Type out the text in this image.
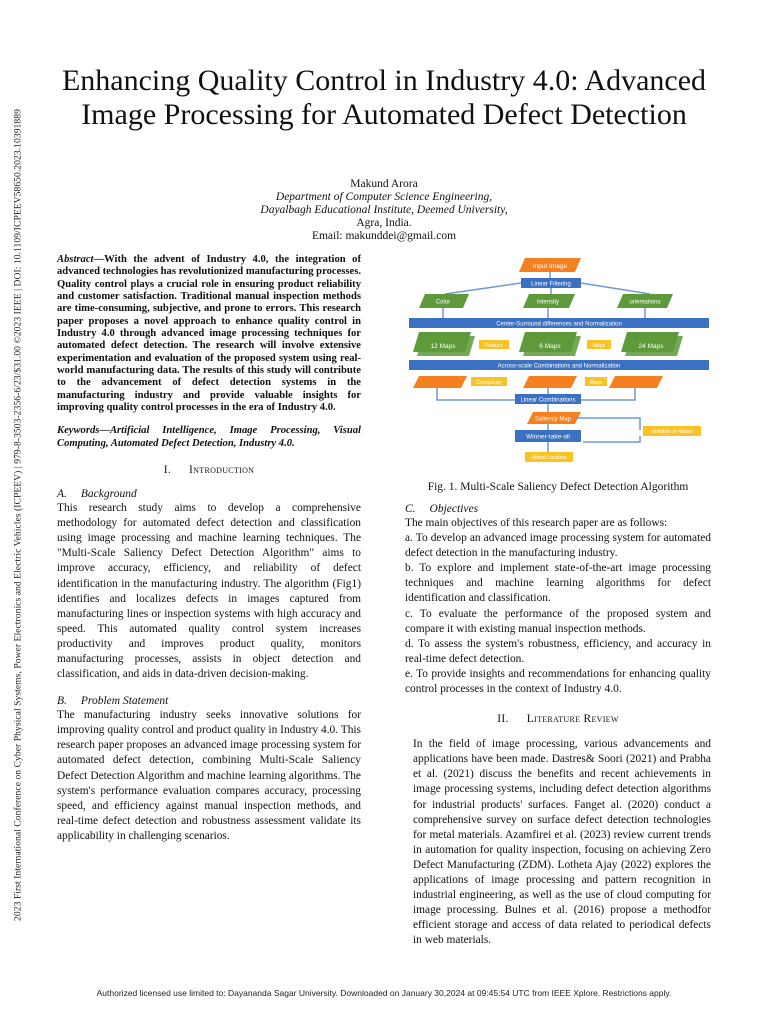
2023 First International Conference on Cyber Physical Systems, Power Electronics and Electric Vehicles (ICPEEV) | 979-8-3503-2356-6/23/$31.00 ©2023 IEEE | DOI: 10.1109/ICPEEV58650.2023.10391889
Enhancing Quality Control in Industry 4.0: Advanced Image Processing for Automated Defect Detection
Makund Arora
Department of Computer Science Engineering,
Dayalbagh Educational Institute, Deemed University,
Agra, India.
Email: makunddei@gmail.com

Abstract—With the advent of Industry 4.0, the integration of advanced technologies has revolutionized manufacturing processes. Quality control plays a crucial role in ensuring product reliability and customer satisfaction. Traditional manual inspection methods are time-consuming, subjective, and prone to errors. This research paper proposes a novel approach to enhance quality control in Industry 4.0 through advanced image processing techniques for automated defect detection. The research will involve extensive experimentation and evaluation of the proposed system using real-world manufacturing data. The results of this study will contribute to the advancement of defect detection systems in the manufacturing industry and provide valuable insights for improving quality control processes in the era of Industry 4.0.

Keywords—Artificial Intelligence, Image Processing, Visual Computing, Automated Defect Detection, Industry 4.0.

I. Introduction
A. Background

This research study aims to develop a comprehensive methodology for automated defect detection and classification using image processing and machine learning techniques. The "Multi-Scale Saliency Defect Detection Algorithm" aims to improve accuracy, efficiency, and reliability of defect identification in the manufacturing industry. The algorithm (Fig1) identifies and localizes defects in images captured from manufacturing lines or inspection systems with high accuracy and speed. This automated quality control system increases productivity and improves product quality, monitors manufacturing processes, assists in object detection and classification, and aids in data-driven decision-making.

B. Problem Statement

The manufacturing industry seeks innovative solutions for improving quality control and product quality in Industry 4.0. This research paper proposes an advanced image processing system for automated defect detection, combining Multi-Scale Saliency Defect Detection Algorithm and machine learning algorithms. The system's performance evaluation compares accuracy, processing speed, and efficiency against manual inspection methods, and real-time defect detection and robustness assessment validate its applicability in challenging scenarios.

Input Image
Linear Filtering
Color	intensity	orientations
Center-Surround differences and Normalization
12 Maps	Feature	6 Maps	Maps	24 Maps
Across-scale Combinations and Normalization
Conspicuity	Maps
Linear Combinations
Saliency Map
Inhibition of Return
Winner-take-all
Attend Location
Fig. 1. Multi-Scale Saliency Defect Detection Algorithm
C. Objectives

The main objectives of this research paper are as follows:

a. To develop an advanced image processing system for automated defect detection in the manufacturing industry.

b. To explore and implement state-of-the-art image processing techniques and machine learning algorithms for defect identification and classification.

c. To evaluate the performance of the proposed system and compare it with existing manual inspection methods.

d. To assess the system's robustness, efficiency, and accuracy in real-time defect detection.

e. To provide insights and recommendations for enhancing quality control processes in the context of Industry 4.0.

II. Literature Review

In the field of image processing, various advancements and applications have been made. Dastres& Soori (2021) and Prabha et al. (2021) discuss the benefits and recent achievements in image processing systems, including defect detection algorithms for industrial products' surfaces. Fanget al. (2020) conduct a comprehensive survey on surface defect detection technologies for metal materials. Azamfirei et al. (2023) review current trends in automation for quality inspection, focusing on achieving Zero Defect Manufacturing (ZDM). Lotheta Ajay (2022) explores the applications of image processing and pattern recognition in industrial engineering, as well as the use of cloud computing for image processing. Bulnes et al. (2016) propose a methodfor efficient storage and access of data related to periodical defects in web materials.

Authorized licensed use limited to: Dayananda Sagar University. Downloaded on January 30,2024 at 09:45:54 UTC from IEEE Xplore. Restrictions apply.
